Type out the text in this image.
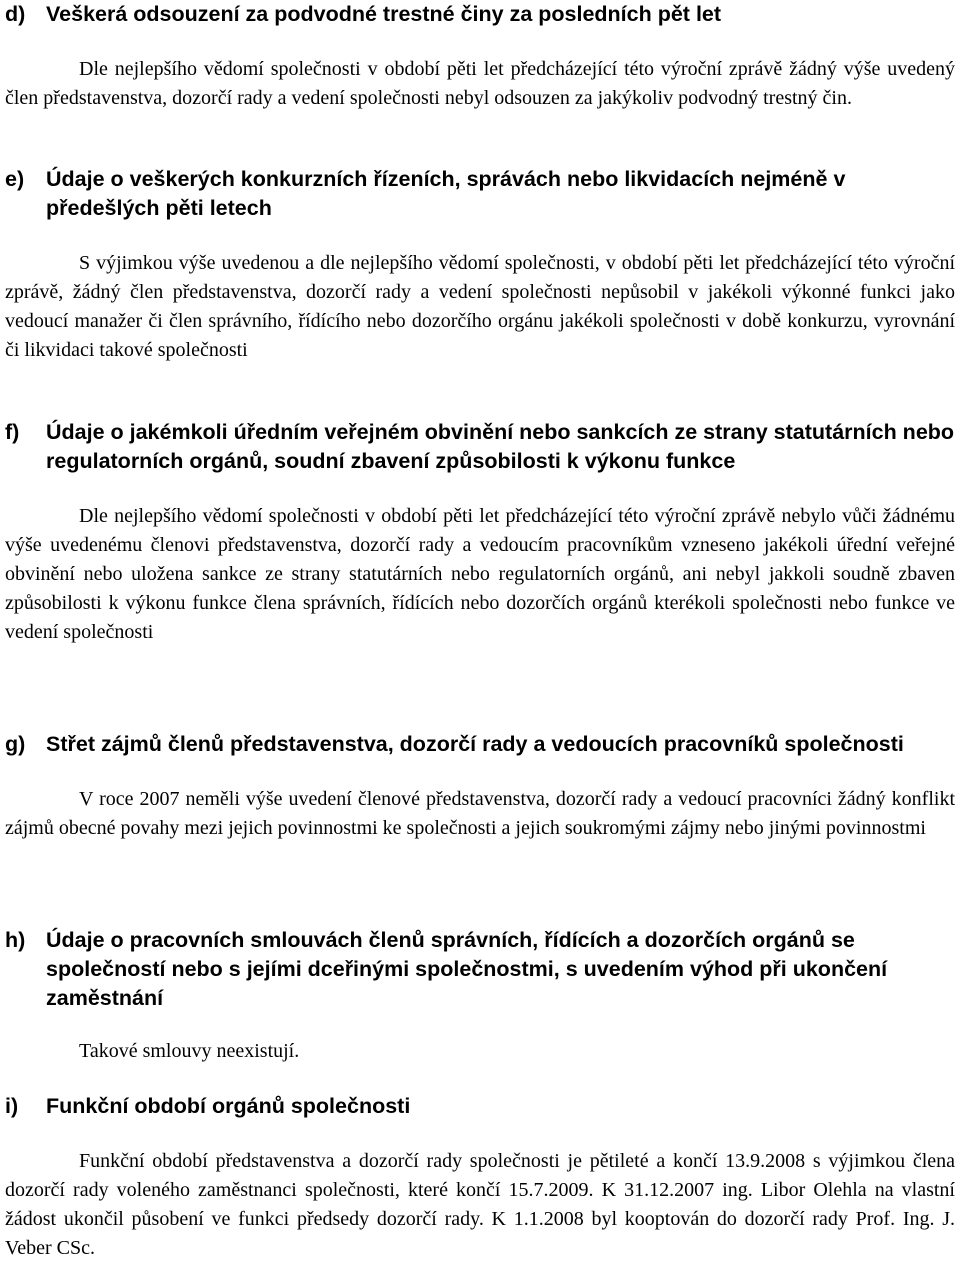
d) Veškerá odsouzení za podvodné trestné činy za posledních pět let

Dle nejlepšího vědomí společnosti v období pěti let předcházející této výroční zprávě žádný výše uvedený člen představenstva, dozorčí rady a vedení společnosti nebyl odsouzen za jakýkoliv podvodný trestný čin.

e)	Údaje o veškerých konkurzních řízeních, správách nebo likvidacích nejméně v předešlých pěti letech

S výjimkou výše uvedenou a dle nejlepšího vědomí společnosti, v období pěti let předcházející této výroční zprávě, žádný člen představenstva, dozorčí rady a vedení společnosti nepůsobil v jakékoli výkonné funkci jako vedoucí manažer či člen správního, řídícího nebo dozorčího orgánu jakékoli společnosti v době konkurzu, vyrovnání či likvidaci takové společnosti

f)	Údaje o jakémkoli úředním veřejném obvinění nebo sankcích ze strany statutárních nebo regulatorních orgánů, soudní zbavení způsobilosti k výkonu funkce

Dle nejlepšího vědomí společnosti v období pěti let předcházející této výroční zprávě nebylo vůči žádnému výše uvedenému členovi představenstva, dozorčí rady a vedoucím pracovníkům vzneseno jakékoli úřední veřejné obvinění nebo uložena sankce ze strany statutárních nebo regulatorních orgánů, ani nebyl jakkoli soudně zbaven způsobilosti k výkonu funkce člena správních, řídících nebo dozorčích orgánů kterékoli společnosti nebo funkce ve vedení společnosti

g) Střet zájmů členů představenstva, dozorčí rady a vedoucích pracovníků společnosti

V roce 2007 neměli výše uvedení členové představenstva, dozorčí rady a vedoucí pracovníci žádný konflikt zájmů obecné povahy mezi jejich povinnostmi ke společnosti a jejich soukromými zájmy nebo jinými povinnostmi

h) Údaje o pracovních smlouvách členů správních, řídících a dozorčích orgánů se společností nebo s jejími dceřinými společnostmi, s uvedením výhod při ukončení zaměstnání

Takové smlouvy neexistují.

i)	Funkční období orgánů společnosti

Funkční období představenstva a dozorčí rady společnosti je pětileté a končí 13.9.2008 s výjimkou člena dozorčí rady voleného zaměstnanci společnosti, které končí 15.7.2009. K 31.12.2007 ing. Libor Olehla na vlastní žádost ukončil působení ve funkci předsedy dozorčí rady. K 1.1.2008 byl kooptován do dozorčí rady Prof. Ing. J. Veber CSc.
